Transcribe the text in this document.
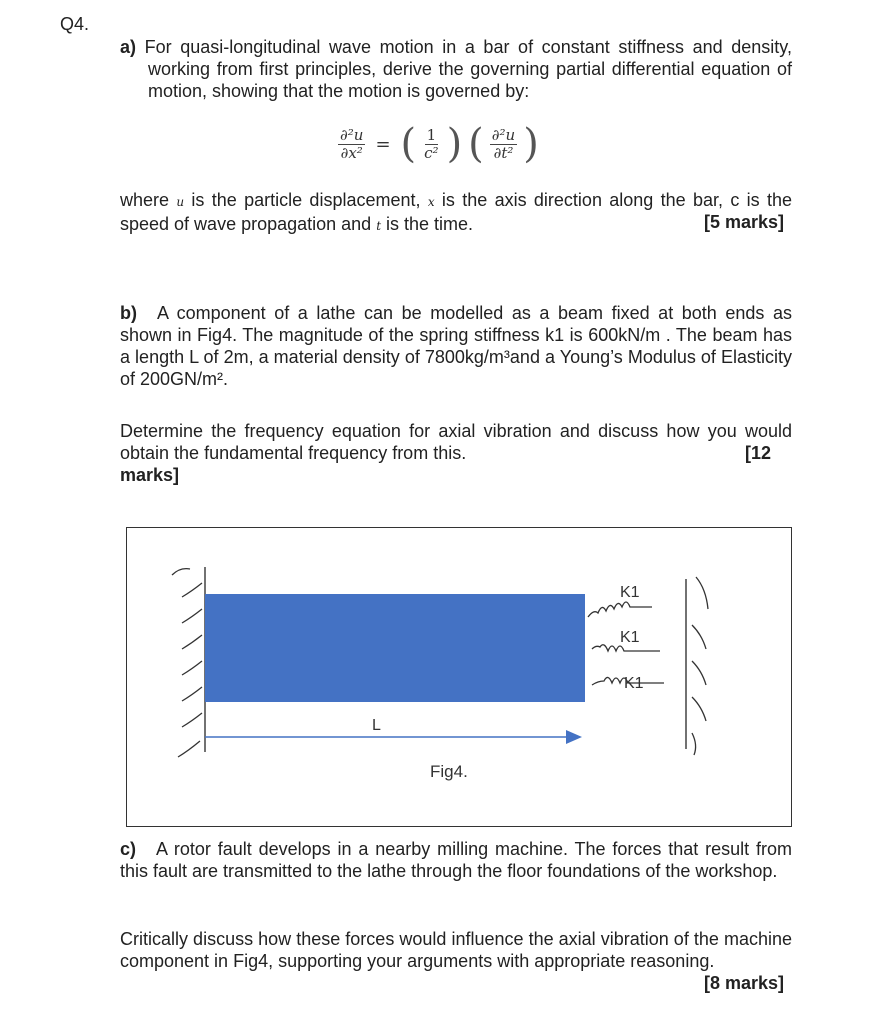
Q4.
a) For quasi-longitudinal wave motion in a bar of constant stiffness and density, working from first principles, derive the governing partial differential equation of motion, showing that the motion is governed by:
$\frac{\text{∂²u}}{\text{∂x²}}$ = ( $\frac{1}{\text{c²}}$ ) ( $\frac{\text{∂²u}}{\text{∂t²}}$ )
where u is the particle displacement, x is the axis direction along the bar, c is the speed of wave propagation and t is the time.	[5 marks]
b) A component of a lathe can be modelled as a beam fixed at both ends as shown in Fig4. The magnitude of the spring stiffness k1 is 600kN/m . The beam has a length L of 2m, a material density of 7800kg/m³and a Young’s Modulus of Elasticity of 200GN/m².
Determine the frequency equation for axial vibration and discuss how you would obtain the fundamental frequency from this.	[12
marks]
K1
K1
K1
L
Fig4.
c) A rotor fault develops in a nearby milling machine. The forces that result from this fault are transmitted to the lathe through the floor foundations of the workshop.
Critically discuss how these forces would influence the axial vibration of the machine component in Fig4, supporting your arguments with appropriate reasoning.
[8 marks]
